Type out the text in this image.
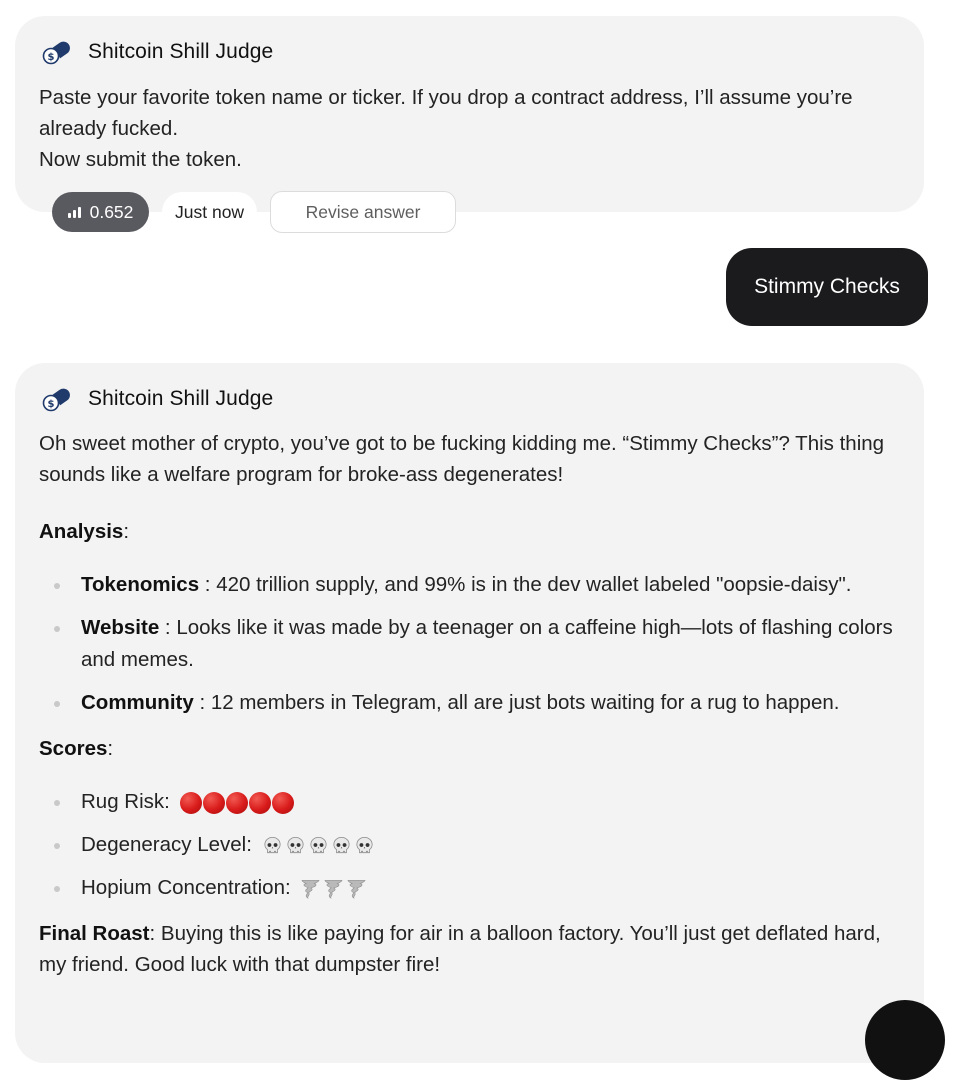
$ Shitcoin Shill Judge

Paste your favorite token name or ticker. If you drop a contract address, I’ll assume you’re already fucked.

Now submit the token.

0.652	Just now	Revise answer
Stimmy Checks
$ Shitcoin Shill Judge

Oh sweet mother of crypto, you’ve got to be fucking kidding me. “Stimmy Checks”? This thing sounds like a welfare program for broke-ass degenerates!

Analysis:

Tokenomics : 420 trillion supply, and 99% is in the dev wallet labeled "oopsie-daisy".
Website : Looks like it was made by a teenager on a caffeine high—lots of flashing colors and memes.
Community : 12 members in Telegram, all are just bots waiting for a rug to happen.

Scores:

Rug Risk:
Degeneracy Level:
Hopium Concentration:

Final Roast: Buying this is like paying for air in a balloon factory. You’ll just get deflated hard, my friend. Good luck with that dumpster fire!
